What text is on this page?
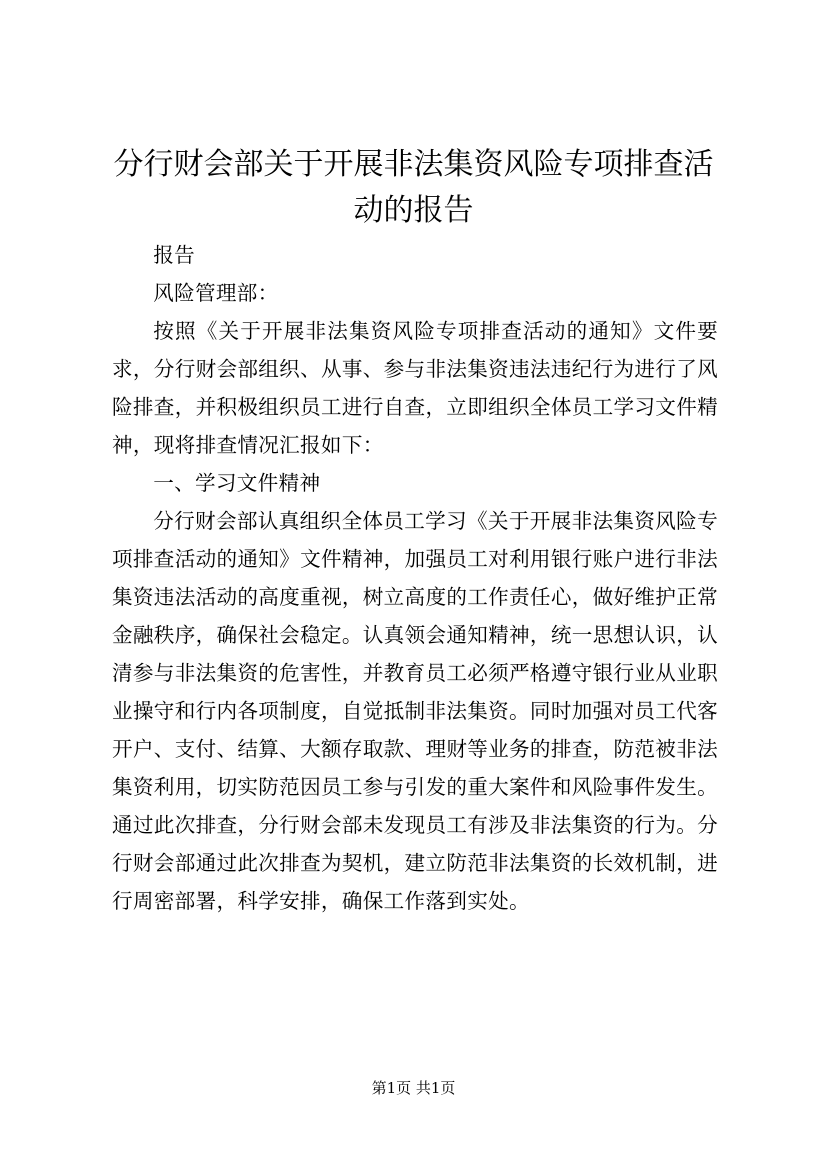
分行财会部关于开展非法集资风险专项排查活
动的报告

报告

风险管理部：

按照《关于开展非法集资风险专项排查活动的通知》文件要求，分行财会部组织、从事、参与非法集资违法违纪行为进行了风险排查，并积极组织员工进行自查，立即组织全体员工学习文件精神，现将排查情况汇报如下：

一、学习文件精神

分行财会部认真组织全体员工学习《关于开展非法集资风险专项排查活动的通知》文件精神，加强员工对利用银行账户进行非法集资违法活动的高度重视，树立高度的工作责任心，做好维护正常金融秩序，确保社会稳定。认真领会通知精神，统一思想认识，认清参与非法集资的危害性，并教育员工必须严格遵守银行业从业职业操守和行内各项制度，自觉抵制非法集资。同时加强对员工代客开户、支付、结算、大额存取款、理财等业务的排查，防范被非法集资利用，切实防范因员工参与引发的重大案件和风险事件发生。通过此次排查，分行财会部未发现员工有涉及非法集资的行为。分行财会部通过此次排查为契机，建立防范非法集资的长效机制，进行周密部署，科学安排，确保工作落到实处。

第1页 共1页
